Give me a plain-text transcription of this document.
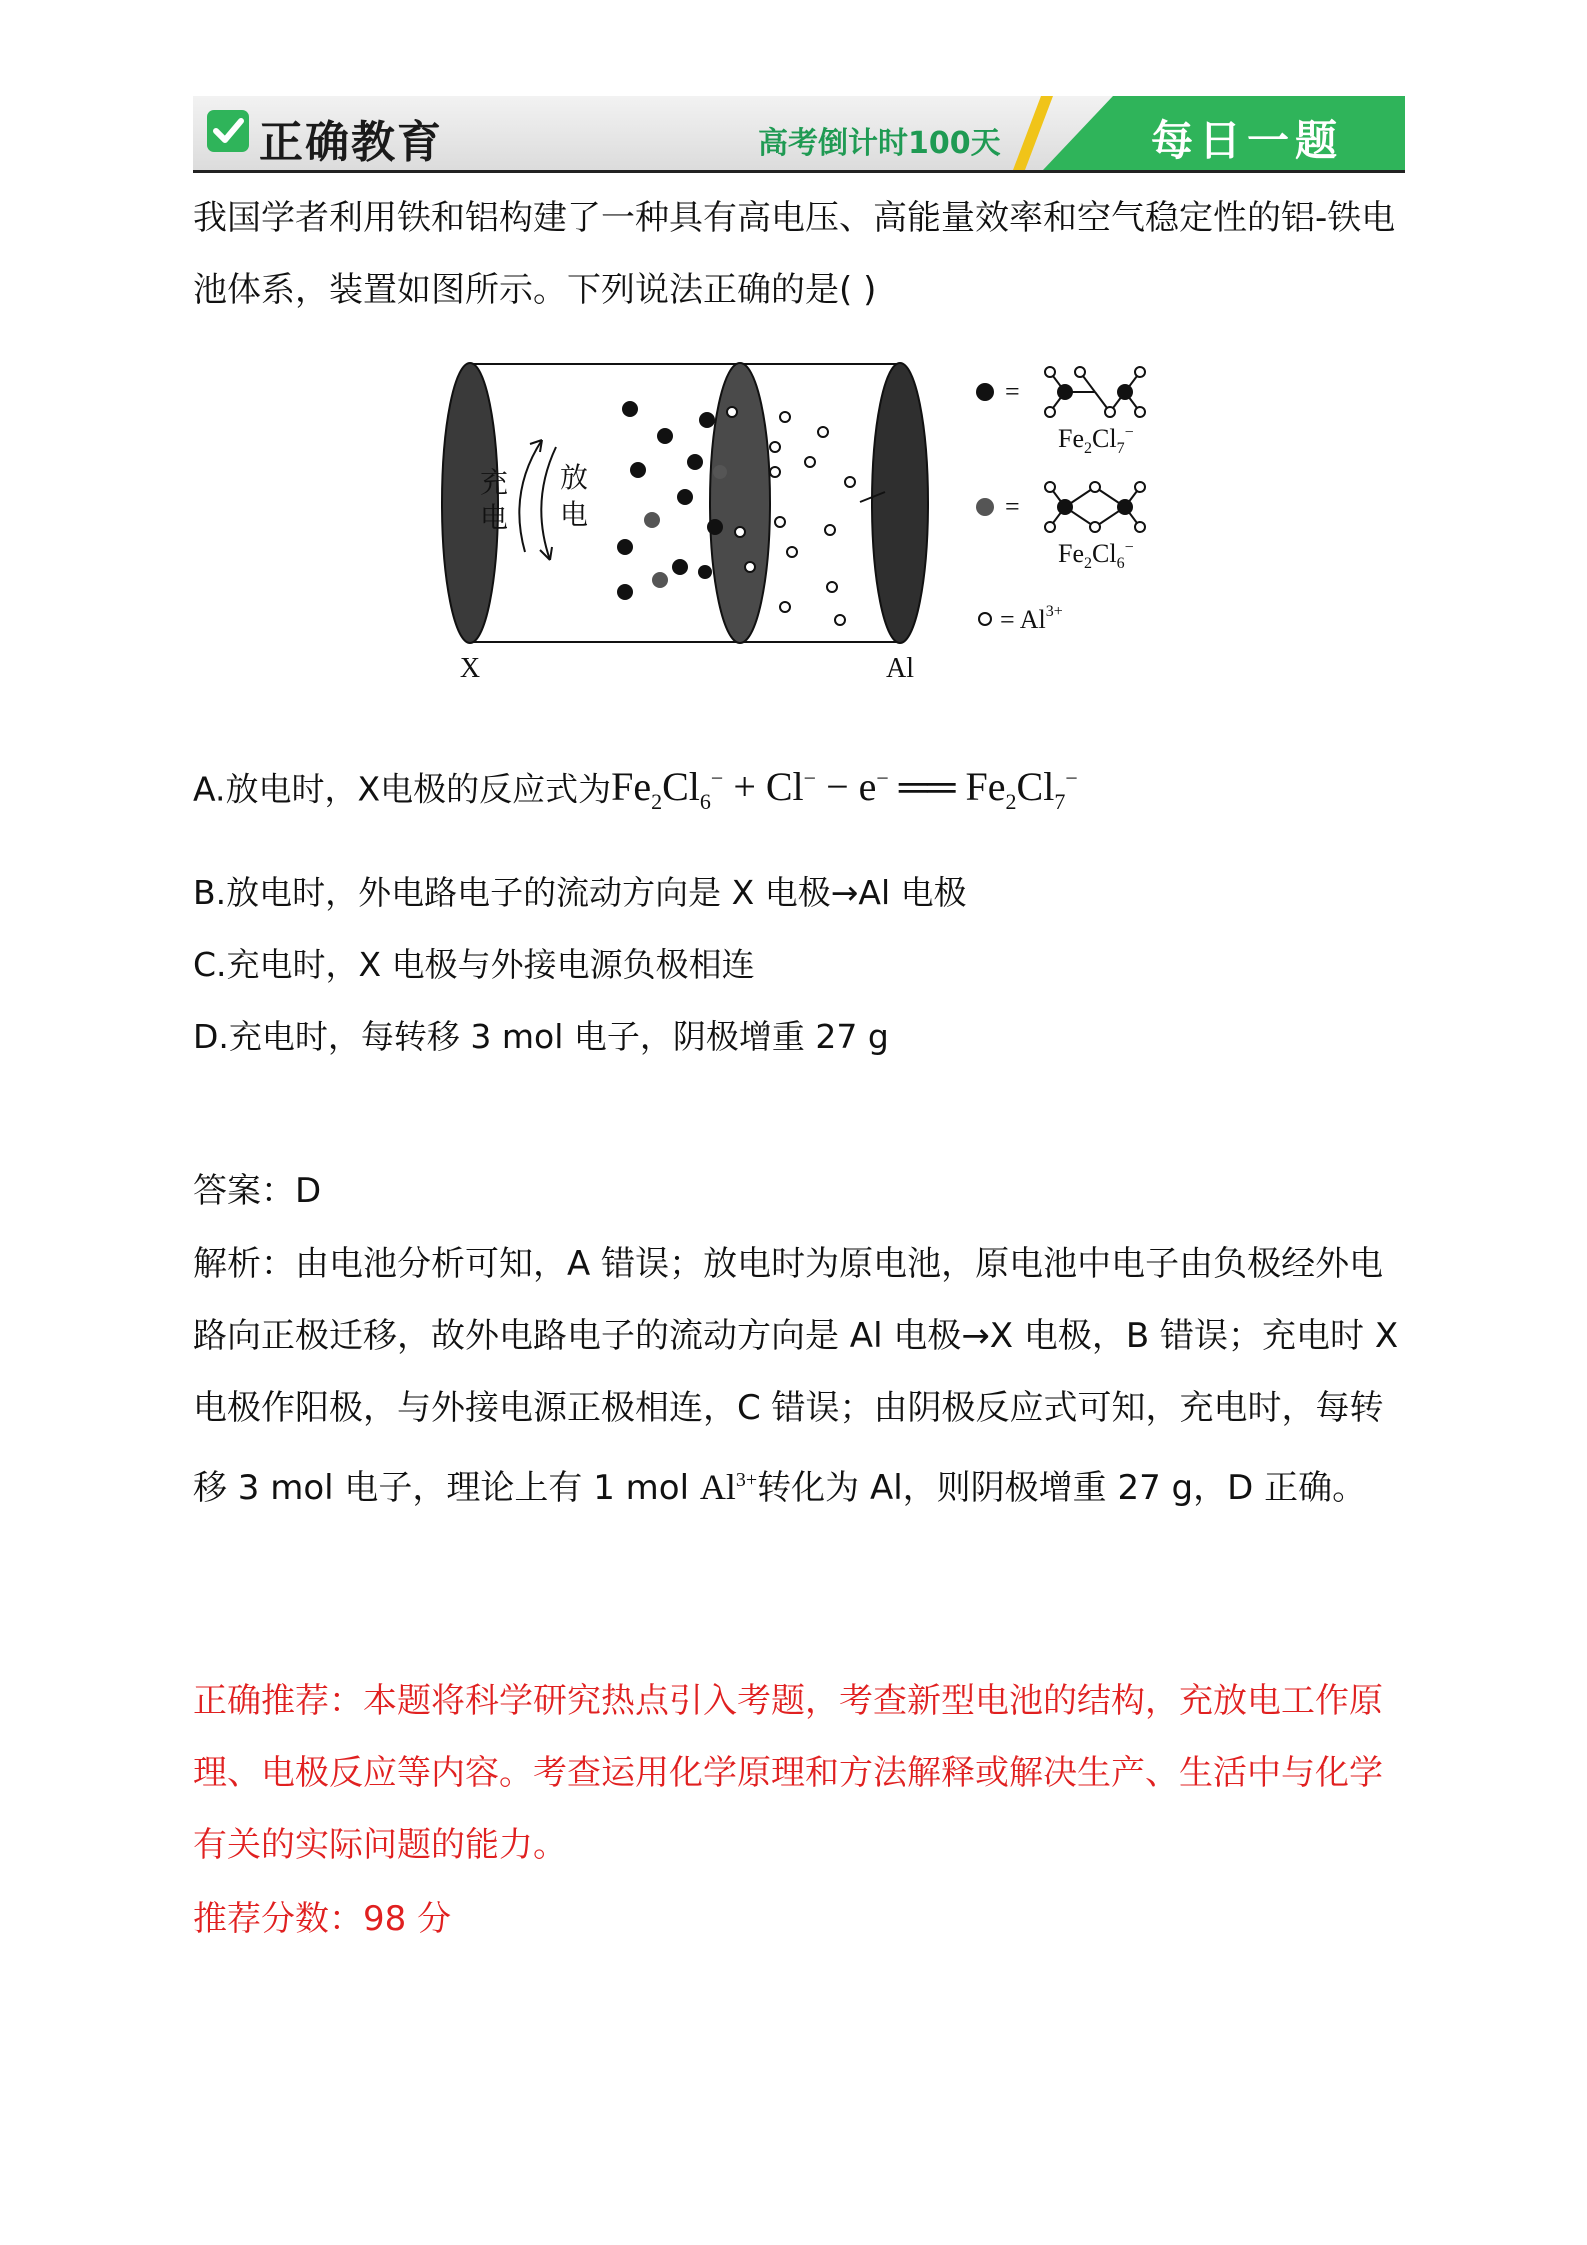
正确教育	高考倒计时100天	每日一题
我国学者利用铁和铝构建了一种具有高电压、高能量效率和空气稳定性的铝-铁电池体系，装置如图所示。下列说法正确的是( )
充
电
放
电
X	Al
=
$Fe_2Cl_7^-$
=
$Fe_2Cl_6^-$
= $Al^{3+}$
A.放电时，X电极的反应式为$Fe_2Cl_6^- + Cl^- - e^-$ ══ $Fe_2Cl_7^-$
B.放电时，外电路电子的流动方向是 X 电极→Al 电极
C.充电时，X 电极与外接电源负极相连
D.充电时，每转移 3 mol 电子，阴极增重 27 g
答案：D
解析：由电池分析可知，A 错误；放电时为原电池，原电池中电子由负极经外电路向正极迁移，故外电路电子的流动方向是 Al 电极→X 电极，B 错误；充电时 X 电极作阳极，与外接电源正极相连，C 错误；由阴极反应式可知，充电时，每转移 3 mol 电子，理论上有 1 mol $Al^{3+}$转化为 Al，则阴极增重 27 g，D 正确。
正确推荐：本题将科学研究热点引入考题，考查新型电池的结构，充放电工作原理、电极反应等内容。考查运用化学原理和方法解释或解决生产、生活中与化学有关的实际问题的能力。
推荐分数：98 分
